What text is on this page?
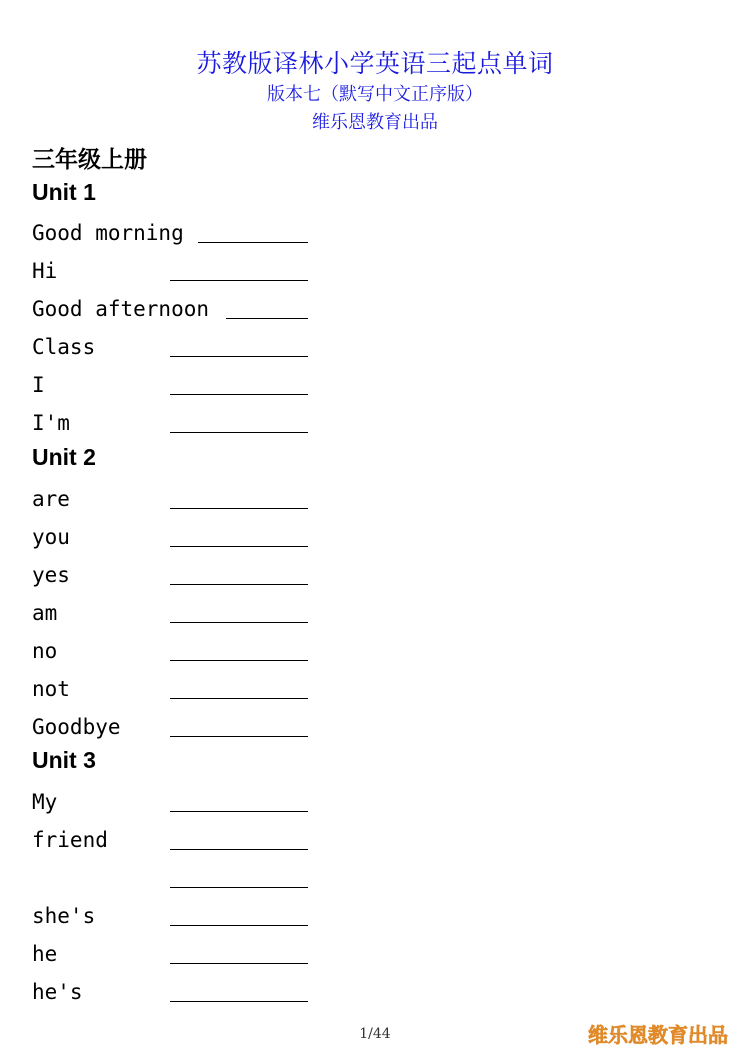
苏教版译林小学英语三起点单词
版本七（默写中文正序版）
维乐恩教育出品
三年级上册
Unit 1
Good morning
Hi
Good afternoon
Class
I
I'm
Unit 2
are
you
yes
am
no
not
Goodbye
Unit 3
My
friend
she's
he
he's
1/44	维乐恩教育出品
